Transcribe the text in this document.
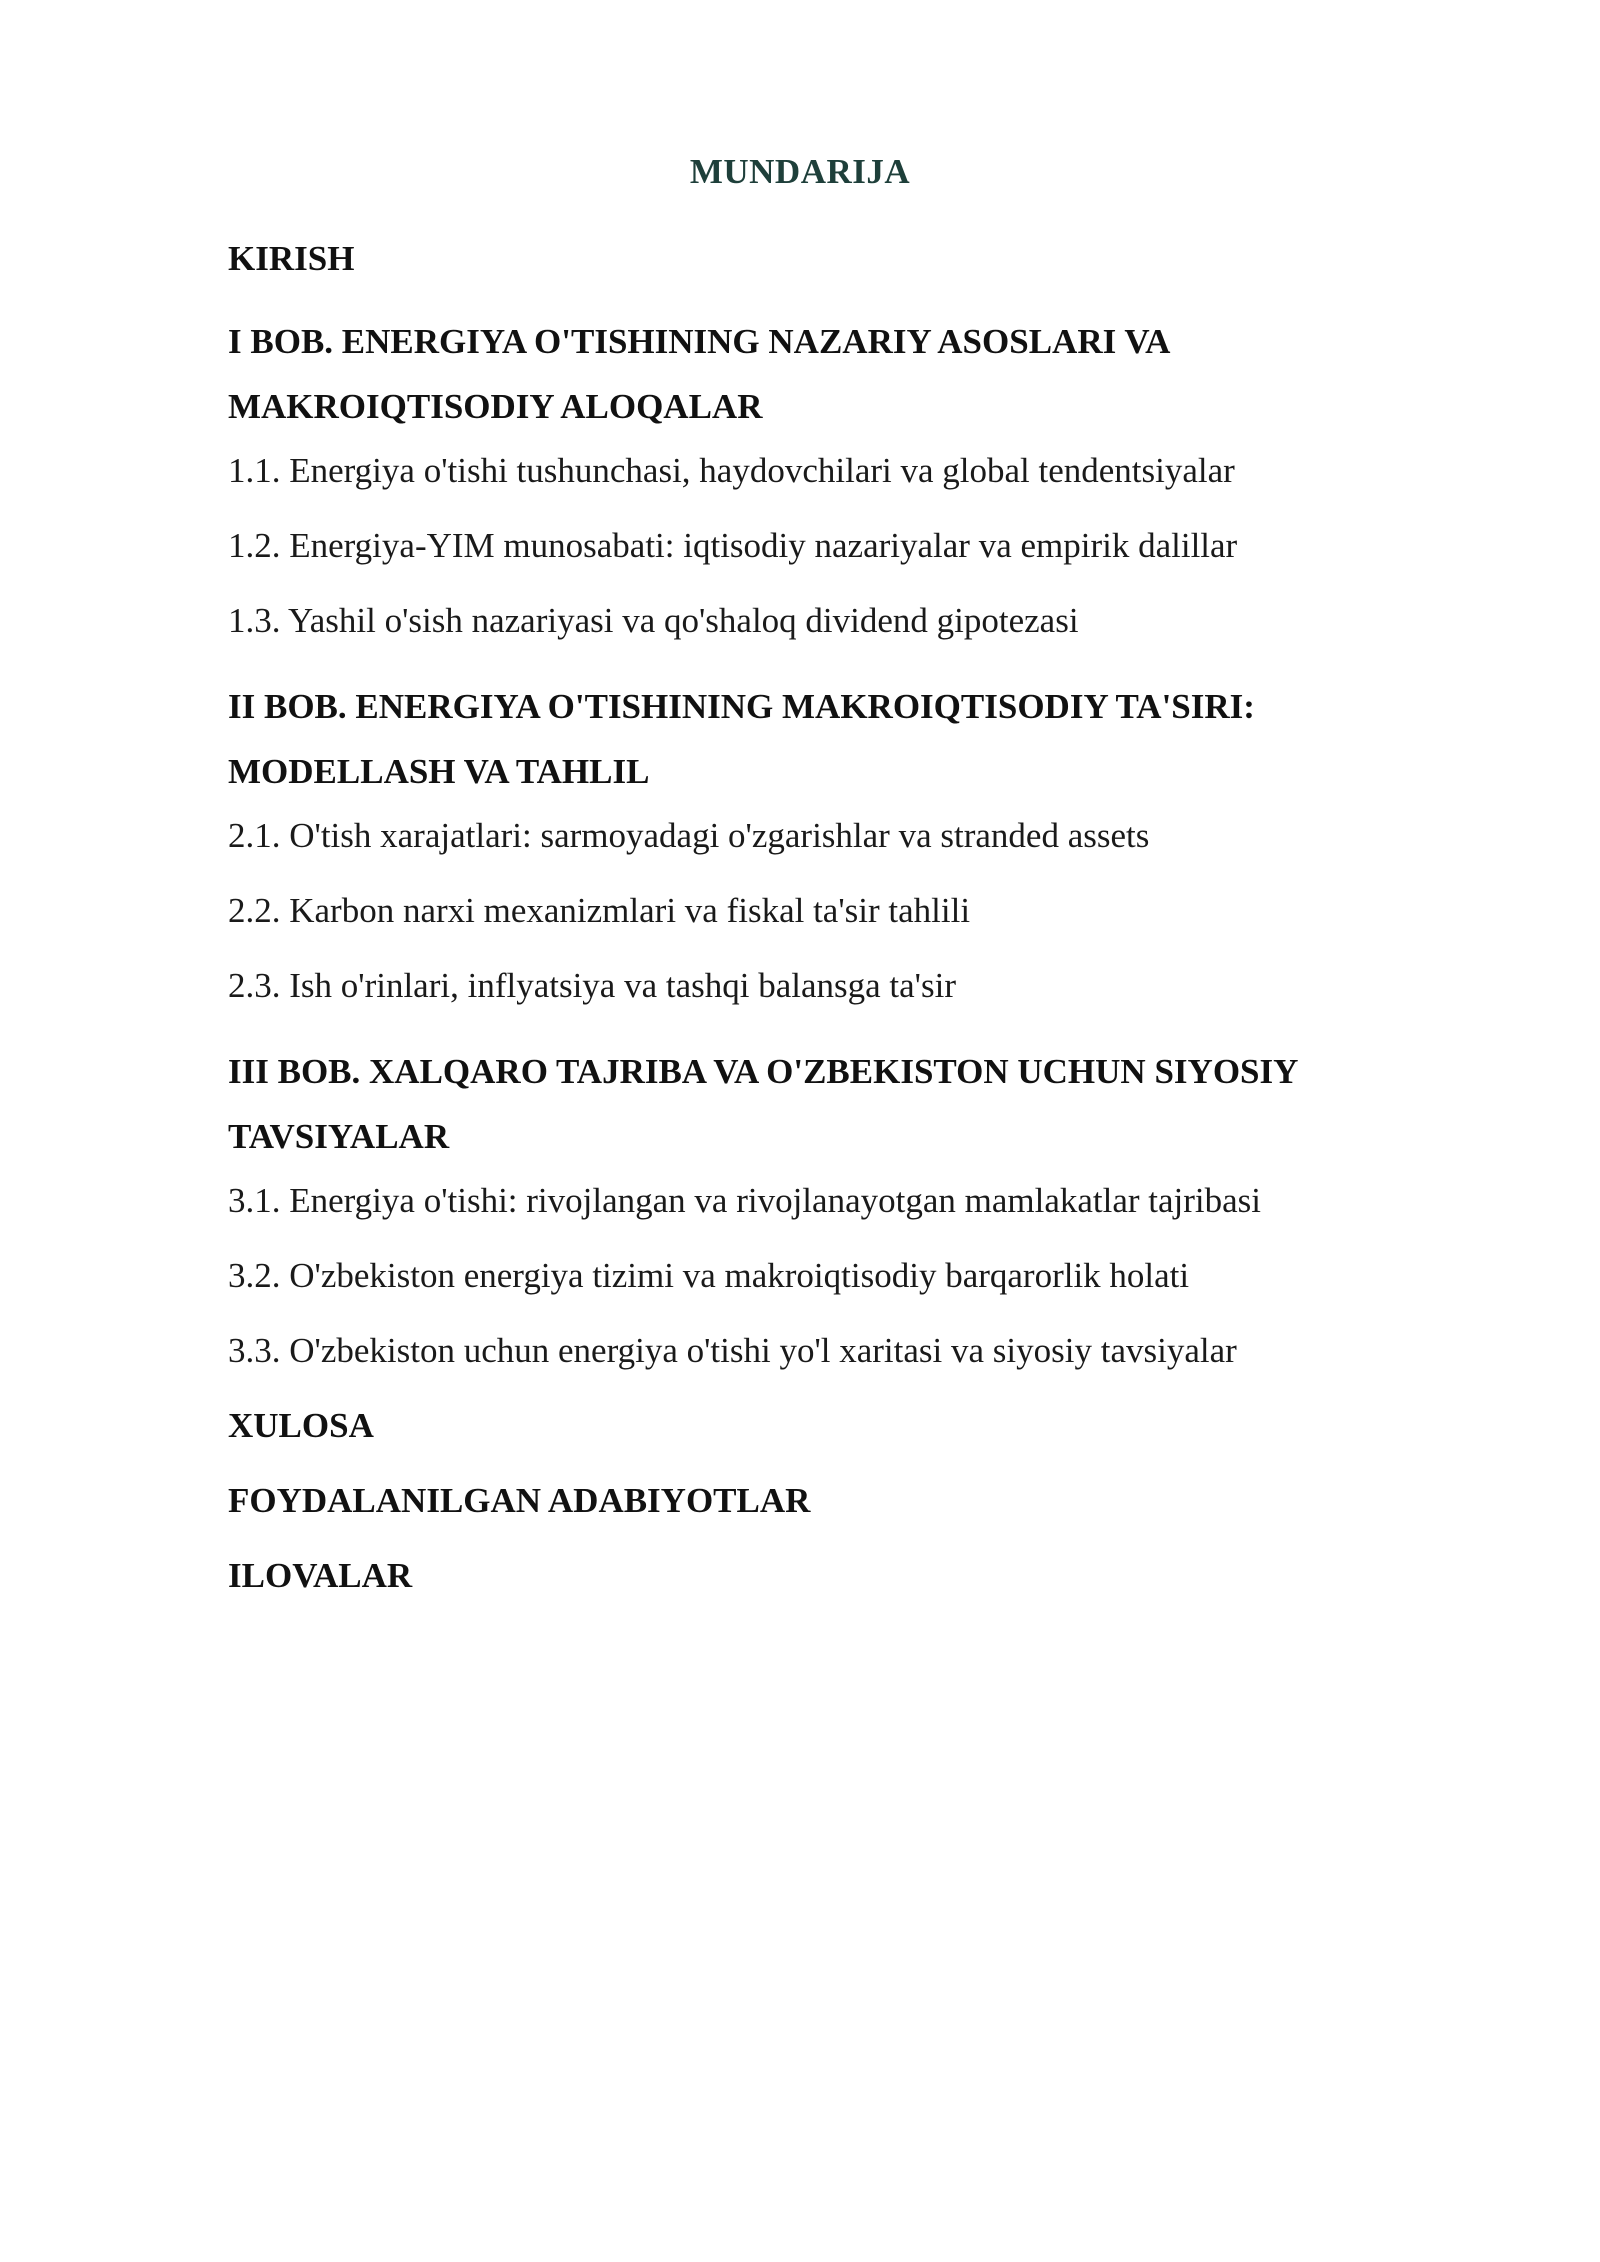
MUNDARIJA
KIRISH
I BOB. ENERGIYA O'TISHINING NAZARIY ASOSLARI VA
MAKROIQTISODIY ALOQALAR
1.1. Energiya o'tishi tushunchasi, haydovchilari va global tendentsiyalar
1.2. Energiya-YIM munosabati: iqtisodiy nazariyalar va empirik dalillar
1.3. Yashil o'sish nazariyasi va qo'shaloq dividend gipotezasi
II BOB. ENERGIYA O'TISHINING MAKROIQTISODIY TA'SIRI:
MODELLASH VA TAHLIL
2.1. O'tish xarajatlari: sarmoyadagi o'zgarishlar va stranded assets
2.2. Karbon narxi mexanizmlari va fiskal ta'sir tahlili
2.3. Ish o'rinlari, inflyatsiya va tashqi balansga ta'sir
III BOB. XALQARO TAJRIBA VA O'ZBEKISTON UCHUN SIYOSIY
TAVSIYALAR
3.1. Energiya o'tishi: rivojlangan va rivojlanayotgan mamlakatlar tajribasi
3.2. O'zbekiston energiya tizimi va makroiqtisodiy barqarorlik holati
3.3. O'zbekiston uchun energiya o'tishi yo'l xaritasi va siyosiy tavsiyalar
XULOSA
FOYDALANILGAN ADABIYOTLAR
ILOVALAR
